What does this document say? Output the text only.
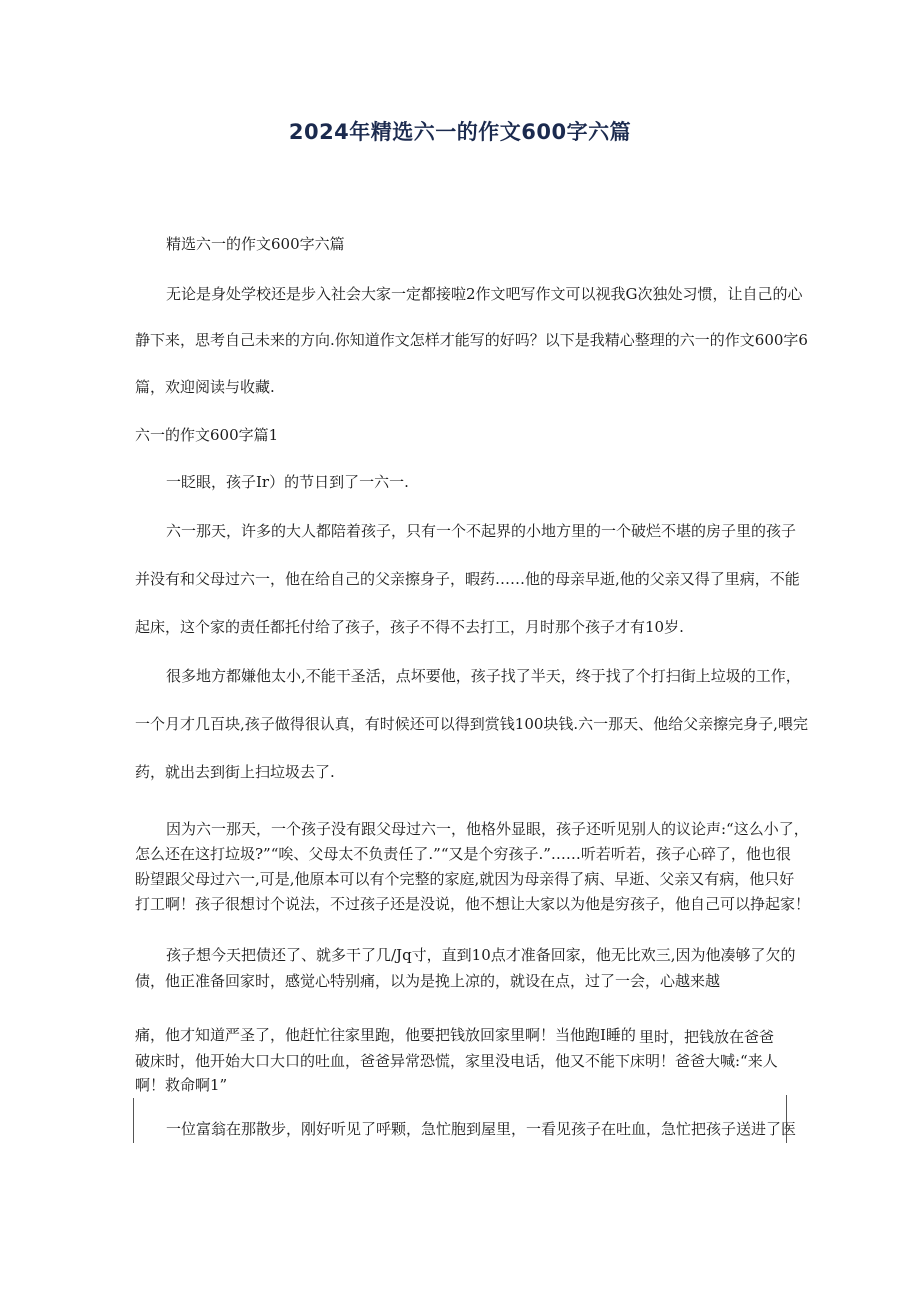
2024年精选六一的作文600字六篇
精选六一的作文600字六篇
无论是身处学校还是步入社会大家一定都接啦2作文吧写作文可以视我G次独处习惯，让自己的心
静下来，思考自己未来的方向.你知道作文怎样才能写的好吗？以下是我精心整理的六一的作文600字6
篇，欢迎阅读与收藏.
六一的作文600字篇1
一眨眼，孩子Ir）的节日到了一六一.
六一那天，许多的大人都陪着孩子，只有一个不起界的小地方里的一个破烂不堪的房子里的孩子
并没有和父母过六一，他在给自己的父亲擦身子，暇药……他的母亲早逝,他的父亲又得了里病，不能
起床，这个家的责任都托付给了孩子，孩子不得不去打工，月时那个孩子才有10岁.
很多地方都嫌他太小,不能干圣活，点坏要他，孩子找了半天，终于找了个打扫街上垃圾的工作，
一个月才几百块,孩子做得很认真，有时候还可以得到赏钱100块钱.六一那天、他给父亲擦完身子,喂完
药，就出去到街上扫垃圾去了.
因为六一那天，一个孩子没有跟父母过六一，他格外显眼，孩子还听见别人的议论声:“这么小了，
怎么还在这打垃圾?”“唉、父母太不负责任了.”“又是个穷孩子.”……听若听若，孩子心碎了，他也很
盼望跟父母过六一,可是,他原本可以有个完整的家庭,就因为母亲得了病、早逝、父亲又有病，他只好
打工啊！孩子很想讨个说法，不过孩子还是没说，他不想让大家以为他是穷孩子，他自己可以挣起家！
孩子想今天把债还了、就多干了几/Jq寸，直到10点才准备回家，他无比欢三,因为他凑够了欠的
债，他正准备回家时，感觉心特别痛，以为是挽上凉的，就设在点，过了一会，心越来越
痛，他才知道严圣了，他赶忙往家里跑，他要把钱放回家里啊！当他跑I睡的 里时，把钱放在爸爸
破床时，他开始大口大口的吐血，爸爸异常恐慌，家里没电话，他又不能下床明！爸爸大喊:“来人
啊！救命啊1”
一位富翁在那散步，刚好听见了呼颗，急忙胞到屋里，一看见孩子在吐血，急忙把孩子送进了医
